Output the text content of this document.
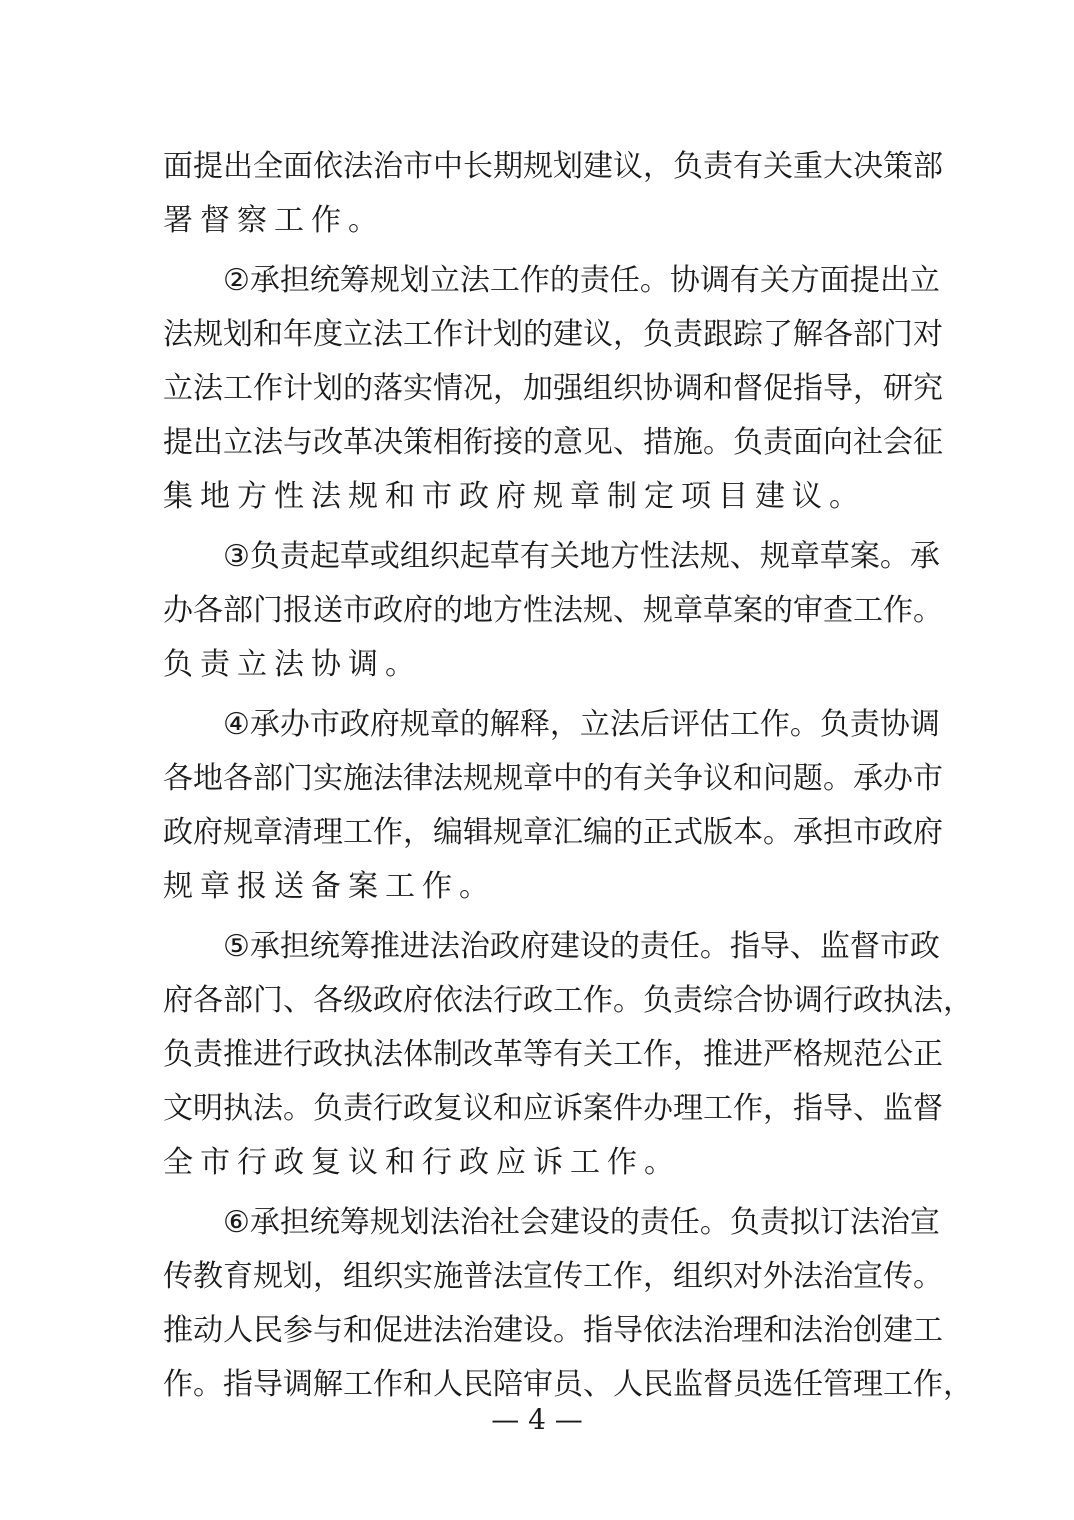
面 提 出 全 面 依 法 治 市 中 长 期 规 划 建 议 ， 负 责 有 关 重 大 决 策 部
署督察工作。
② 承 担 统 筹 规 划 立 法 工 作 的 责 任 。 协 调 有 关 方 面 提 出 立
法 规 划 和 年 度 立 法 工 作 计 划 的 建 议 ， 负 责 跟 踪 了 解 各 部 门 对
立 法 工 作 计 划 的 落 实 情 况 ， 加 强 组 织 协 调 和 督 促 指 导 ， 研 究
提 出 立 法 与 改 革 决 策 相 衔 接 的 意 见 、 措 施 。 负 责 面 向 社 会 征
集地方性法规和市政府规章制定项目建议。
③ 负 责 起 草 或 组 织 起 草 有 关 地 方 性 法 规 、 规 章 草 案 。 承
办 各 部 门 报 送 市 政 府 的 地 方 性 法 规 、 规 章 草 案 的 审 查 工 作 。
负责立法协调。
④ 承 办 市 政 府 规 章 的 解 释 ， 立 法 后 评 估 工 作 。 负 责 协 调
各 地 各 部 门 实 施 法 律 法 规 规 章 中 的 有 关 争 议 和 问 题 。 承 办 市
政 府 规 章 清 理 工 作 ， 编 辑 规 章 汇 编 的 正 式 版 本 。 承 担 市 政 府
规章报送备案工作。
⑤ 承 担 统 筹 推 进 法 治 政 府 建 设 的 责 任 。 指 导 、 监 督 市 政
府 各 部 门 、 各 级 政 府 依 法 行 政 工 作 。 负 责 综 合 协 调 行 政 执 法 ，
负 责 推 进 行 政 执 法 体 制 改 革 等 有 关 工 作 ， 推 进 严 格 规 范 公 正
文 明 执 法 。 负 责 行 政 复 议 和 应 诉 案 件 办 理 工 作 ， 指 导 、 监 督
全市行政复议和行政应诉工作。
⑥ 承 担 统 筹 规 划 法 治 社 会 建 设 的 责 任 。 负 责 拟 订 法 治 宣
传 教 育 规 划 ， 组 织 实 施 普 法 宣 传 工 作 ， 组 织 对 外 法 治 宣 传 。
推 动 人 民 参 与 和 促 进 法 治 建 设 。 指 导 依 法 治 理 和 法 治 创 建 工
作 。 指 导 调 解 工 作 和 人 民 陪 审 员 、 人 民 监 督 员 选 任 管 理 工 作 ，
— 4 —
